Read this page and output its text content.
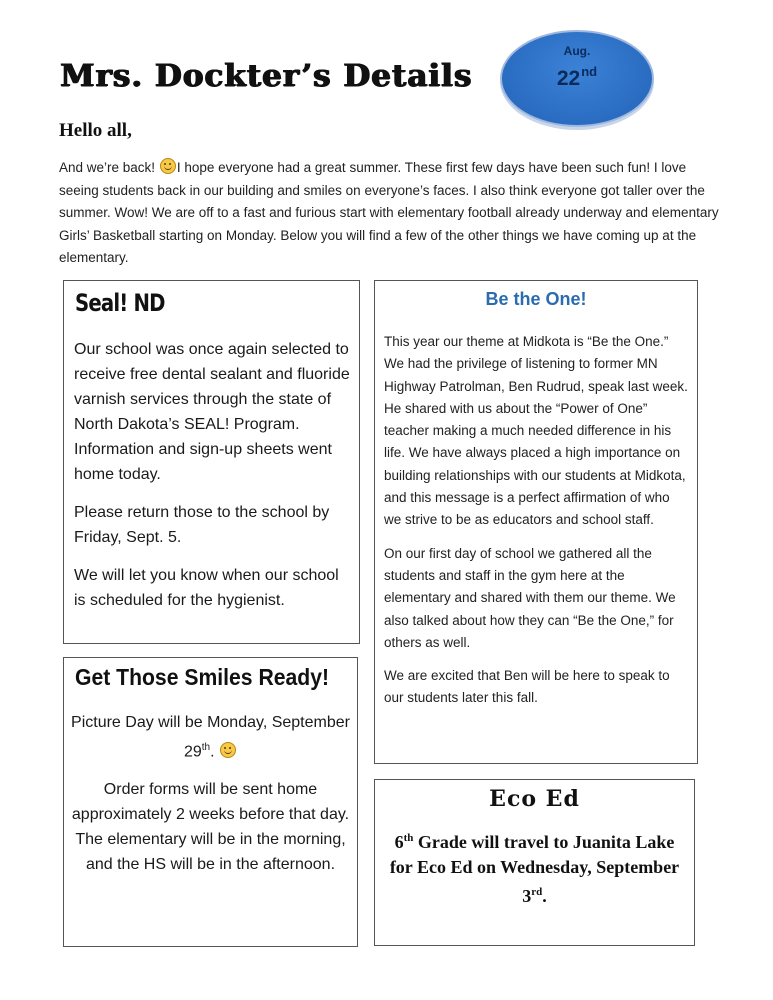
Mrs. Dockter’s Details
Aug.
22nd
Hello all,
And we’re back! I hope everyone had a great summer. These first few days have been such fun! I love seeing students back in our building and smiles on everyone’s faces. I also think everyone got taller over the summer. Wow! We are off to a fast and furious start with elementary football already underway and elementary Girls’ Basketball starting on Monday. Below you will find a few of the other things we have coming up at the elementary.
Seal! ND

Our school was once again selected to receive free dental sealant and fluoride varnish services through the state of North Dakota’s SEAL! Program. Information and sign-up sheets went home today.

Please return those to the school by Friday, Sept. 5.

We will let you know when our school is scheduled for the hygienist.

Be the One!

This year our theme at Midkota is “Be the One.” We had the privilege of listening to former MN Highway Patrolman, Ben Rudrud, speak last week. He shared with us about the “Power of One” teacher making a much needed difference in his life. We have always placed a high importance on building relationships with our students at Midkota, and this message is a perfect affirmation of who we strive to be as educators and school staff.

On our first day of school we gathered all the students and staff in the gym here at the elementary and shared with them our theme. We also talked about how they can “Be the One,” for others as well.

We are excited that Ben will be here to speak to our students later this fall.

Get Those Smiles Ready!

Picture Day will be Monday, September 29th.

Order forms will be sent home approximately 2 weeks before that day. The elementary will be in the morning, and the HS will be in the afternoon.

Eco Ed
6th Grade will travel to Juanita Lake for Eco Ed on Wednesday, September 3rd.
